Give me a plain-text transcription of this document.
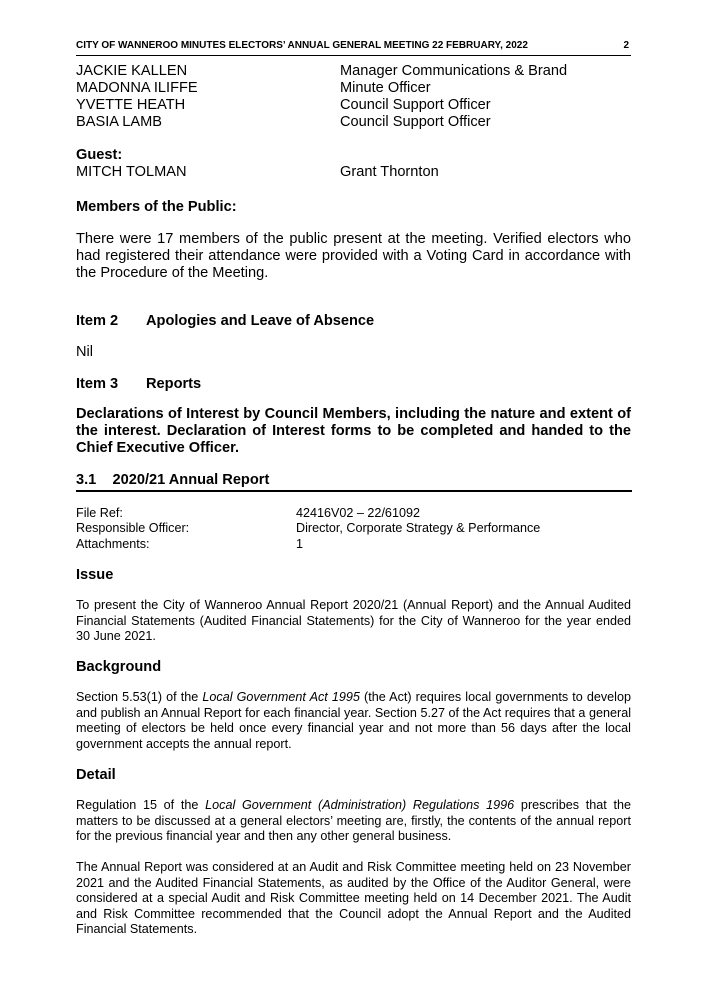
CITY OF WANNEROO MINUTES ELECTORS’ ANNUAL GENERAL MEETING 22 FEBRUARY, 2022	2
JACKIE KALLEN	Manager Communications & Brand
MADONNA ILIFFE	Minute Officer
YVETTE HEATH	Council Support Officer
BASIA LAMB	Council Support Officer
Guest:
MITCH TOLMAN	Grant Thornton
Members of the Public:
There were 17 members of the public present at the meeting. Verified electors who had registered their attendance were provided with a Voting Card in accordance with the Procedure of the Meeting.
Item 2 Apologies and Leave of Absence
Nil
Item 3 Reports
Declarations of Interest by Council Members, including the nature and extent of the interest. Declaration of Interest forms to be completed and handed to the Chief Executive Officer.
3.1    2020/21 Annual Report
File Ref:	42416V02 – 22/61092
Responsible Officer:	Director, Corporate Strategy & Performance
Attachments:	1
Issue
To present the City of Wanneroo Annual Report 2020/21 (Annual Report) and the Annual Audited Financial Statements (Audited Financial Statements) for the City of Wanneroo for the year ended 30 June 2021.
Background
Section 5.53(1) of the Local Government Act 1995 (the Act) requires local governments to develop and publish an Annual Report for each financial year. Section 5.27 of the Act requires that a general meeting of electors be held once every financial year and not more than 56 days after the local government accepts the annual report.
Detail
Regulation 15 of the Local Government (Administration) Regulations 1996 prescribes that the matters to be discussed at a general electors’ meeting are, firstly, the contents of the annual report for the previous financial year and then any other general business.
The Annual Report was considered at an Audit and Risk Committee meeting held on 23 November 2021 and the Audited Financial Statements, as audited by the Office of the Auditor General, were considered at a special Audit and Risk Committee meeting held on 14 December 2021. The Audit and Risk Committee recommended that the Council adopt the Annual Report and the Audited Financial Statements.
